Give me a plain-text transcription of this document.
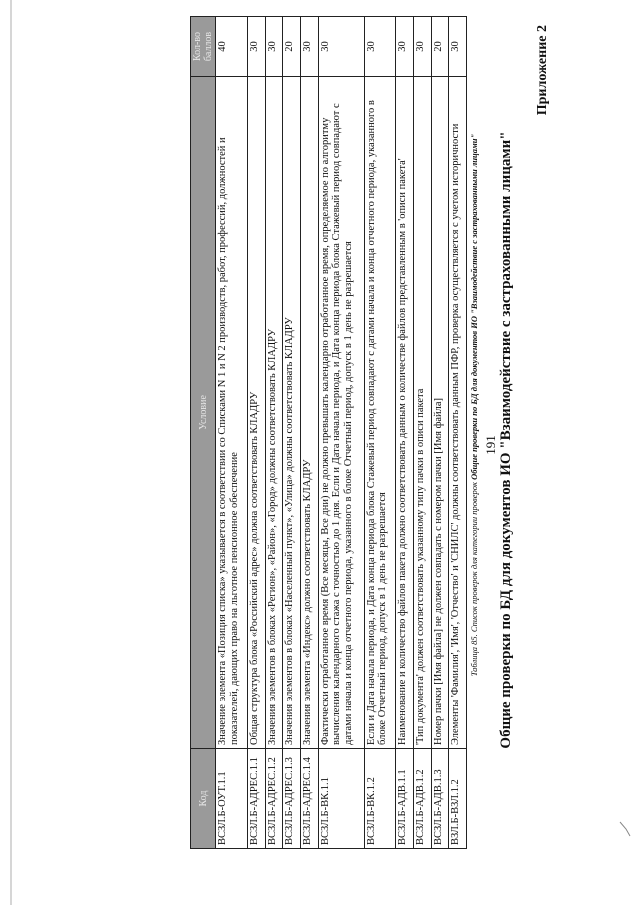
191
Приложение 2
Общие проверки по БД для документов ИО "Взаимодействие с застрахованными лицами"
Таблица 85. Список проверок для категории проверок Общие проверки по БД для документов ИО "Взаимодействие с застрахованными лицами"
Код	Условие	Кол-во баллов
ВСЗЛ.Б-ОУТ.1.1	Значение элемента «Позиция списка» указывается в соответствии со Списками N 1 и N 2 производств, работ, профессий, должностей и показателей, дающих право на льготное пенсионное обеспечение	40
ВСЗЛ.Б-АДРЕС.1.1	Общая структура блока «Российский адрес» должна соответствовать КЛАДРУ	30
ВСЗЛ.Б-АДРЕС.1.2	Значения элементов в блоках «Регион», «Район», «Город» должны соответствовать КЛАДРУ	30
ВСЗЛ.Б-АДРЕС.1.3	Значения элементов в блоках «Населенный пункт», «Улица» должны соответствовать КЛАДРУ	20
ВСЗЛ.Б-АДРЕС.1.4	Значения элемента «Индекс» должно соответствовать КЛАДРУ	30
ВСЗЛ.Б-ВК.1.1	Фактически отработанное время (Все месяцы, Все дни) не должно превышать календарно отработанное время, определяемое по алгоритму вычисления календарного стажа с точностью до 1 дня. Если и Дата начала периода, и Дата конца периода блока Стажевый период совпадают с датами начала и конца отчетного периода, указанного в блоке Отчетный период, допуск в 1 день не разрешается	30
ВСЗЛ.Б-ВК.1.2	Если и Дата начала периода, и Дата конца периода блока Стажевый период совпадают с датами начала и конца отчетного периода, указанного в блоке Отчетный период, допуск в 1 день не разрешается	30
ВСЗЛ.Б-АДВ.1.1	Наименование и количество файлов пакета должно соответствовать данным о количестве файлов представленным в 'описи пакета'	30
ВСЗЛ.Б-АДВ.1.2	'Тип документа' должен соответствовать указанному типу пачки в описи пакета	30
ВСЗЛ.Б-АДВ.1.3	Номер пачки [Имя файла] не должен совпадать с номером пачки [Имя файла]	20
ВЗЛ.Б-ВЗЛ.1.2	Элементы 'Фамилия', 'Имя', 'Отчество' и 'СНИЛС' должны соответствовать данным ПФР, проверка осуществляется с учетом историчности	30
